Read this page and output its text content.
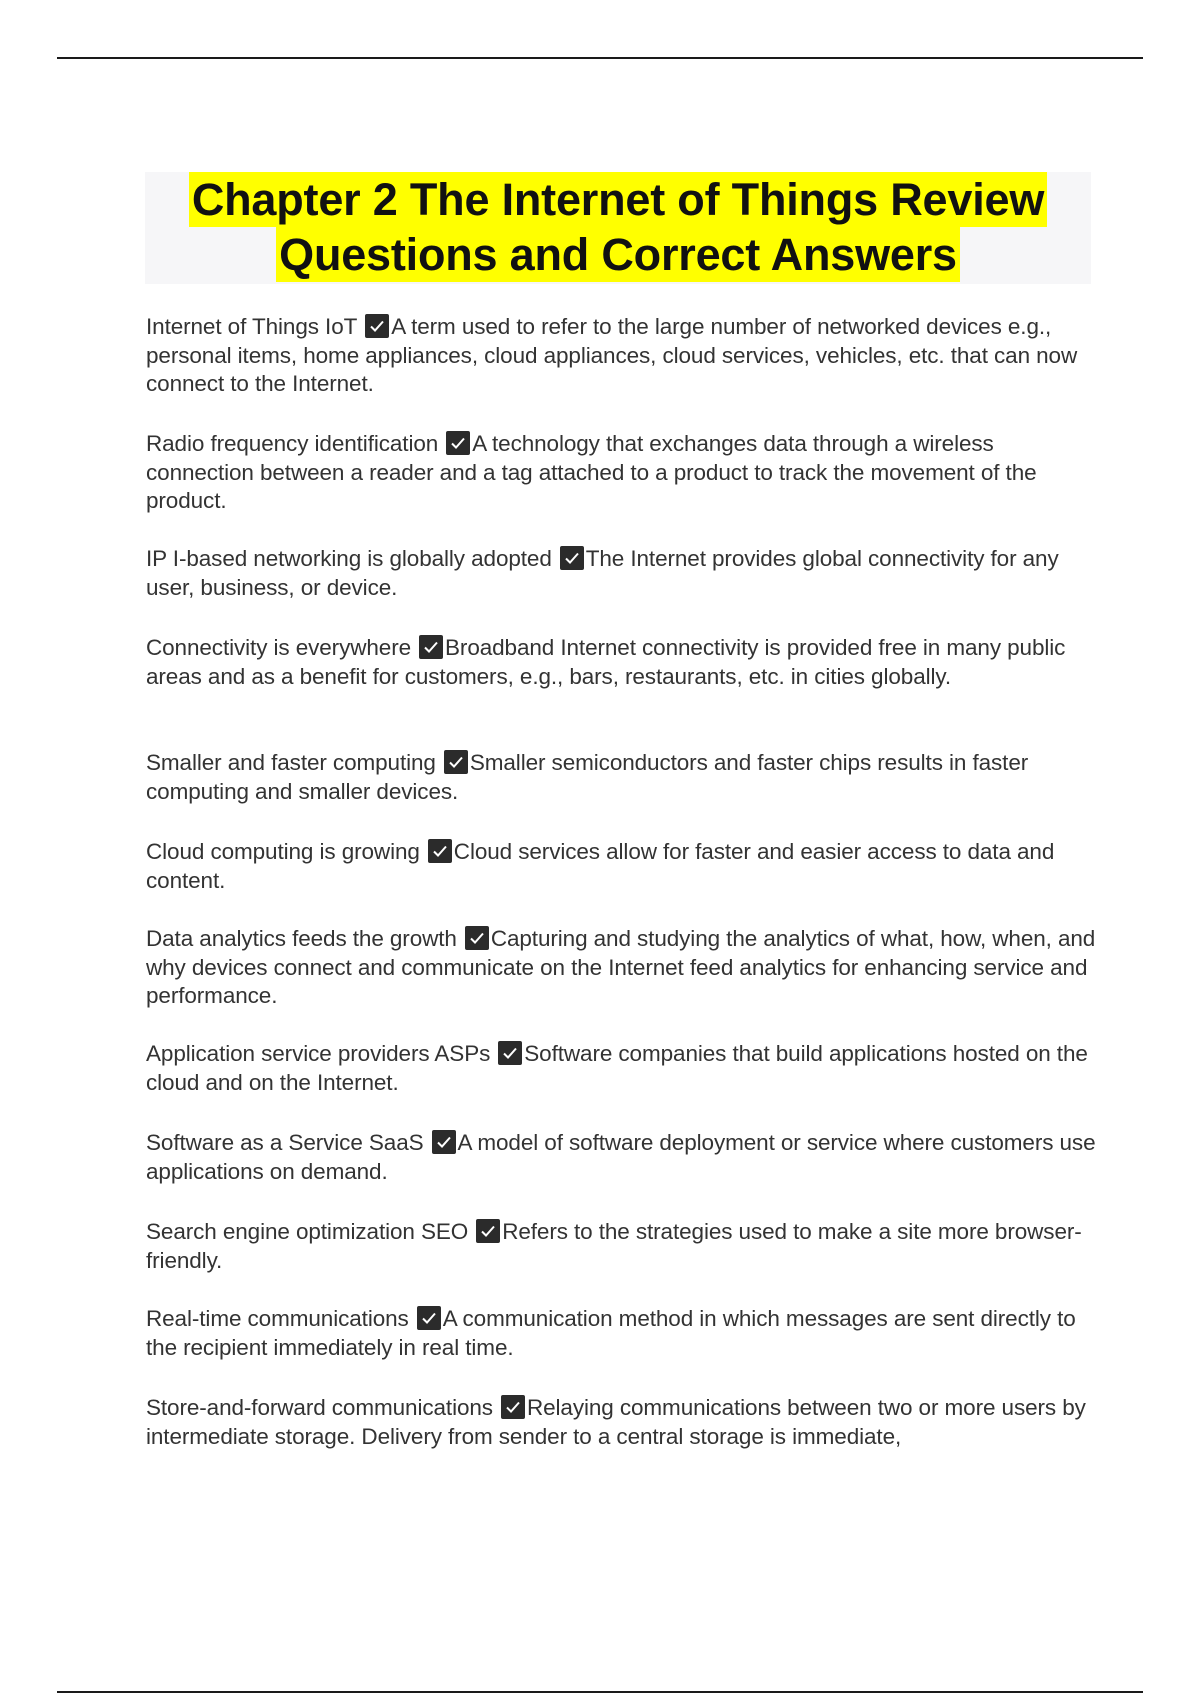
Chapter 2 The Internet of Things Review
Questions and Correct Answers

Internet of Things IoT A term used to refer to the large number of networked devices e.g., personal items, home appliances, cloud appliances, cloud services, vehicles, etc. that can now connect to the Internet.

Radio frequency identification A technology that exchanges data through a wireless connection between a reader and a tag attached to a product to track the movement of the product.

IP I-based networking is globally adopted The Internet provides global connectivity for any user, business, or device.

Connectivity is everywhere Broadband Internet connectivity is provided free in many public areas and as a benefit for customers, e.g., bars, restaurants, etc. in cities globally.

Smaller and faster computing Smaller semiconductors and faster chips results in faster computing and smaller devices.

Cloud computing is growing Cloud services allow for faster and easier access to data and content.

Data analytics feeds the growth Capturing and studying the analytics of what, how, when, and why devices connect and communicate on the Internet feed analytics for enhancing service and performance.

Application service providers ASPs Software companies that build applications hosted on the cloud and on the Internet.

Software as a Service SaaS A model of software deployment or service where customers use applications on demand.

Search engine optimization SEO Refers to the strategies used to make a site more browser-friendly.

Real-time communications A communication method in which messages are sent directly to the recipient immediately in real time.

Store-and-forward communications Relaying communications between two or more users by intermediate storage. Delivery from sender to a central storage is immediate,
